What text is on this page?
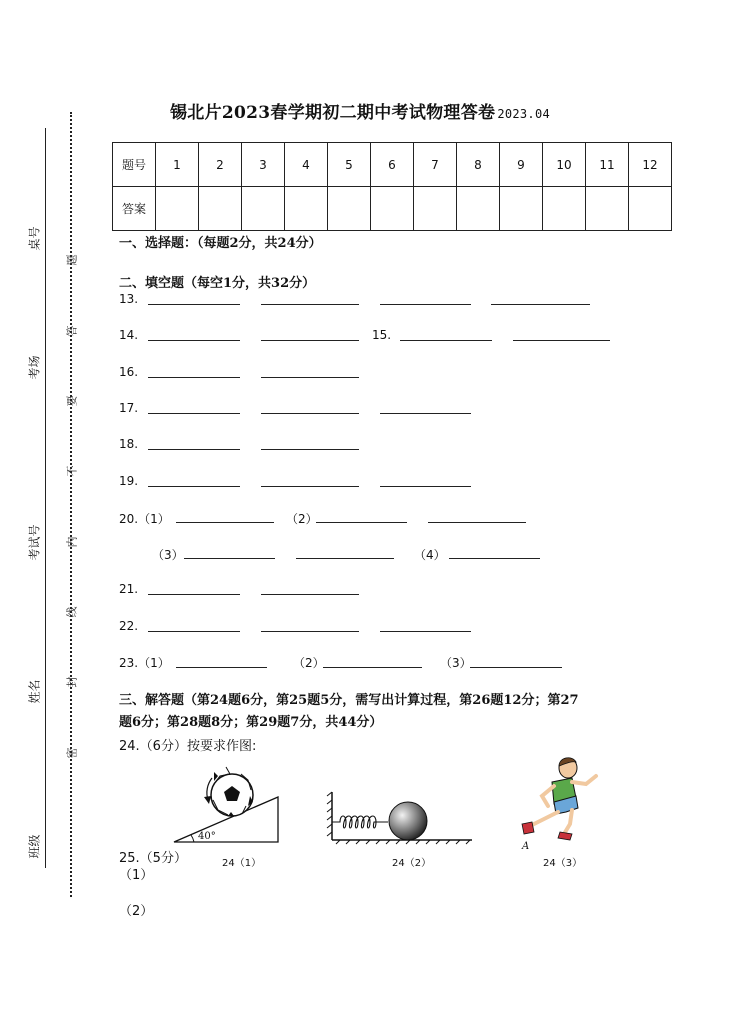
桌号
考场
考试号
姓名
班级
题
答
要
不
内
线
封
密
锡北片2023春学期初二期中考试物理答卷 2023.04
题号	1	2	3	4	5	6	7	8	9	10	11	12
答案												
一、选择题：（每题2分，共24分）
二、填空题（每空1分，共32分）
13.
14.	15.
16.
17.
18.
19.
20.（1）	（2）
（3）	（4）
21.
22.
23.（1）	（2）	（3）
三、解答题（第24题6分，第25题5分，需写出计算过程，第26题12分；第27
题6分；第28题8分；第29题7分，共44分）
24.（6分）按要求作图:
40°
24（1）	24（2）
A
24（3）
25.（5分）
（1）
（2）
